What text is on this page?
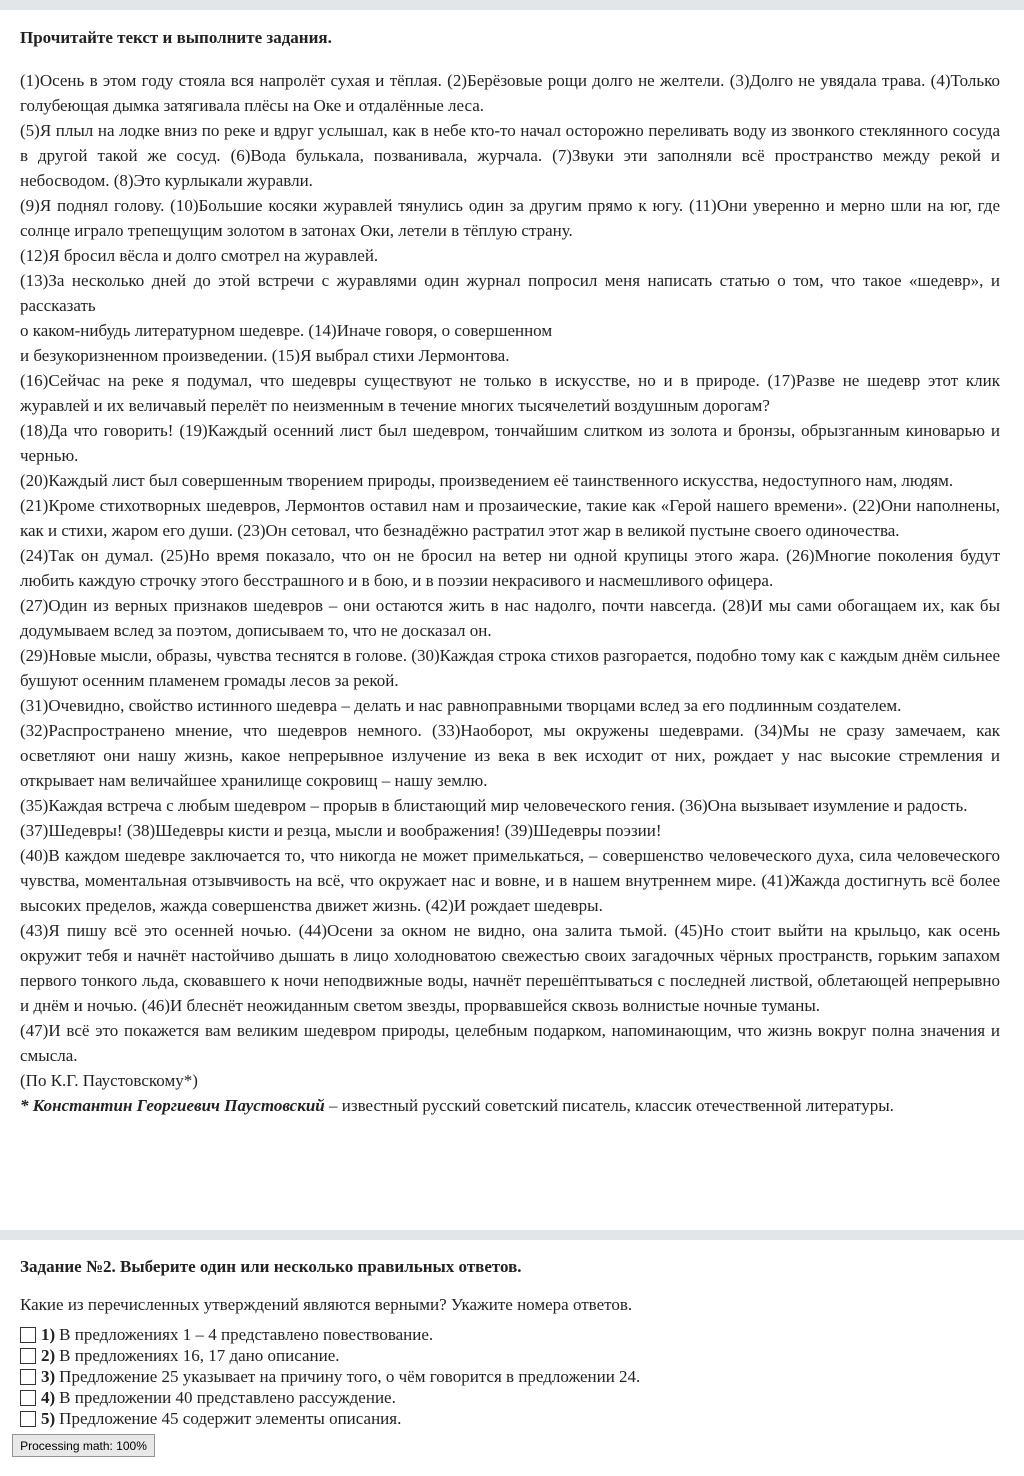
Прочитайте текст и выполните задания.

(1)Осень в этом году стояла вся напролёт сухая и тёплая. (2)Берёзовые рощи долго не желтели. (3)Долго не увядала трава. (4)Только голубеющая дымка затягивала плёсы на Оке и отдалённые леса.

(5)Я плыл на лодке вниз по реке и вдруг услышал, как в небе кто-то начал осторожно переливать воду из звонкого стеклянного сосуда в другой такой же сосуд. (6)Вода булькала, позванивала, журчала. (7)Звуки эти заполняли всё пространство между рекой и небосводом. (8)Это курлыкали журавли.

(9)Я поднял голову. (10)Большие косяки журавлей тянулись один за другим прямо к югу. (11)Они уверенно и мерно шли на юг, где солнце играло трепещущим золотом в затонах Оки, летели в тёплую страну.

(12)Я бросил вёсла и долго смотрел на журавлей.

(13)За несколько дней до этой встречи с журавлями один журнал попросил меня написать статью о том, что такое «шедевр», и рассказать

о каком-нибудь литературном шедевре. (14)Иначе говоря, о совершенном

и безукоризненном произведении. (15)Я выбрал стихи Лермонтова.

(16)Сейчас на реке я подумал, что шедевры существуют не только в искусстве, но и в природе. (17)Разве не шедевр этот клик журавлей и их величавый перелёт по неизменным в течение многих тысячелетий воздушным дорогам?

(18)Да что говорить! (19)Каждый осенний лист был шедевром, тончайшим слитком из золота и бронзы, обрызганным киноварью и чернью.

(20)Каждый лист был совершенным творением природы, произведением её таинственного искусства, недоступного нам, людям.

(21)Кроме стихотворных шедевров, Лермонтов оставил нам и прозаические, такие как «Герой нашего времени». (22)Они наполнены, как и стихи, жаром его души. (23)Он сетовал, что безнадёжно растратил этот жар в великой пустыне своего одиночества.

(24)Так он думал. (25)Но время показало, что он не бросил на ветер ни одной крупицы этого жара. (26)Многие поколения будут любить каждую строчку этого бесстрашного и в бою, и в поэзии некрасивого и насмешливого офицера.

(27)Один из верных признаков шедевров – они остаются жить в нас надолго, почти навсегда. (28)И мы сами обогащаем их, как бы додумываем вслед за поэтом, дописываем то, что не досказал он.

(29)Новые мысли, образы, чувства теснятся в голове. (30)Каждая строка стихов разгорается, подобно тому как с каждым днём сильнее бушуют осенним пламенем громады лесов за рекой.

(31)Очевидно, свойство истинного шедевра – делать и нас равноправными творцами вслед за его подлинным создателем.

(32)Распространено мнение, что шедевров немного. (33)Наоборот, мы окружены шедеврами. (34)Мы не сразу замечаем, как осветляют они нашу жизнь, какое непрерывное излучение из века в век исходит от них, рождает у нас высокие стремления и открывает нам величайшее хранилище сокровищ – нашу землю.

(35)Каждая встреча с любым шедевром – прорыв в блистающий мир человеческого гения. (36)Она вызывает изумление и радость.

(37)Шедевры! (38)Шедевры кисти и резца, мысли и воображения! (39)Шедевры поэзии!

(40)В каждом шедевре заключается то, что никогда не может примелькаться, – совершенство человеческого духа, сила человеческого чувства, моментальная отзывчивость на всё, что окружает нас и вовне, и в нашем внутреннем мире. (41)Жажда достигнуть всё более высоких пределов, жажда совершенства движет жизнь. (42)И рождает шедевры.

(43)Я пишу всё это осенней ночью. (44)Осени за окном не видно, она залита тьмой. (45)Но стоит выйти на крыльцо, как осень окружит тебя и начнёт настойчиво дышать в лицо холодноватою свежестью своих загадочных чёрных пространств, горьким запахом первого тонкого льда, сковавшего к ночи неподвижные воды, начнёт перешёптываться с последней листвой, облетающей непрерывно и днём и ночью. (46)И блеснёт неожиданным светом звезды, прорвавшейся сквозь волнистые ночные туманы.

(47)И всё это покажется вам великим шедевром природы, целебным подарком, напоминающим, что жизнь вокруг полна значения и смысла.

(По К.Г. Паустовскому*)

* Константин Георгиевич Паустовский – известный русский советский писатель, классик отечественной литературы.

Задание №2. Выберите один или несколько правильных ответов.
Какие из перечисленных утверждений являются верными? Укажите номера ответов.
1) В предложениях 1 – 4 представлено повествование.
2) В предложениях 16, 17 дано описание.
3) Предложение 25 указывает на причину того, о чём говорится в предложении 24.
4) В предложении 40 представлено рассуждение.
5) Предложение 45 содержит элементы описания.
Processing math: 100%
